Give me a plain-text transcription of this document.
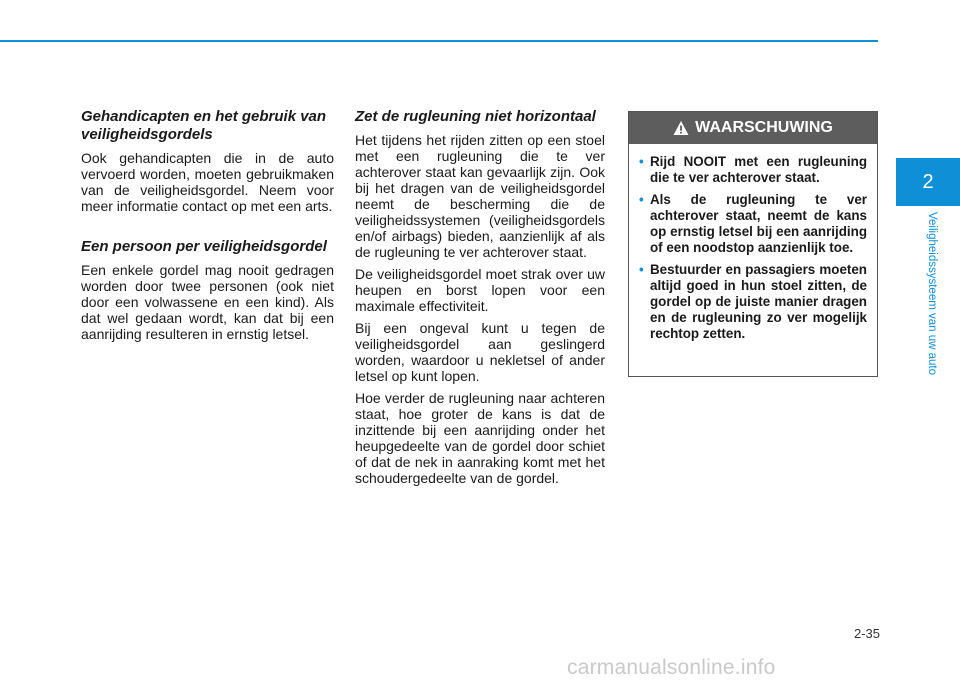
Gehandicapten en het gebruik van veiligheidsgordels
Ook gehandicapten die in de auto vervoerd worden, moeten gebruikmaken van de veiligheidsgordel. Neem voor meer informatie contact op met een arts.
Een persoon per veiligheidsgordel
Een enkele gordel mag nooit gedragen worden door twee personen (ook niet door een volwassene en een kind). Als dat wel gedaan wordt, kan dat bij een aanrijding resulteren in ernstig letsel.
Zet de rugleuning niet horizontaal
Het tijdens het rijden zitten op een stoel met een rugleuning die te ver achterover staat kan gevaarlijk zijn. Ook bij het dragen van de veiligheidsgordel neemt de bescherming die de veiligheidssystemen (veiligheidsgordels en/of airbags) bieden, aanzienlijk af als de rugleuning te ver achterover staat.
De veiligheidsgordel moet strak over uw heupen en borst lopen voor een maximale effectiviteit.
Bij een ongeval kunt u tegen de veiligheidsgordel aan geslingerd worden, waardoor u nekletsel of ander letsel op kunt lopen.
Hoe verder de rugleuning naar achteren staat, hoe groter de kans is dat de inzittende bij een aanrijding onder het heupgedeelte van de gordel door schiet of dat de nek in aanraking komt met het schoudergedeelte van de gordel.
WAARSCHUWING
• Rijd NOOIT met een rugleuning die te ver achterover staat.
• Als de rugleuning te ver achterover staat, neemt de kans op ernstig letsel bij een aanrijding of een noodstop aanzienlijk toe.
• Bestuurder en passagiers moeten altijd goed in hun stoel zitten, de gordel op de juiste manier dragen en de rugleuning zo ver mogelijk rechtop zetten.
2
Veiligheidssysteem van uw auto
2-35
carmanualsonline.info
